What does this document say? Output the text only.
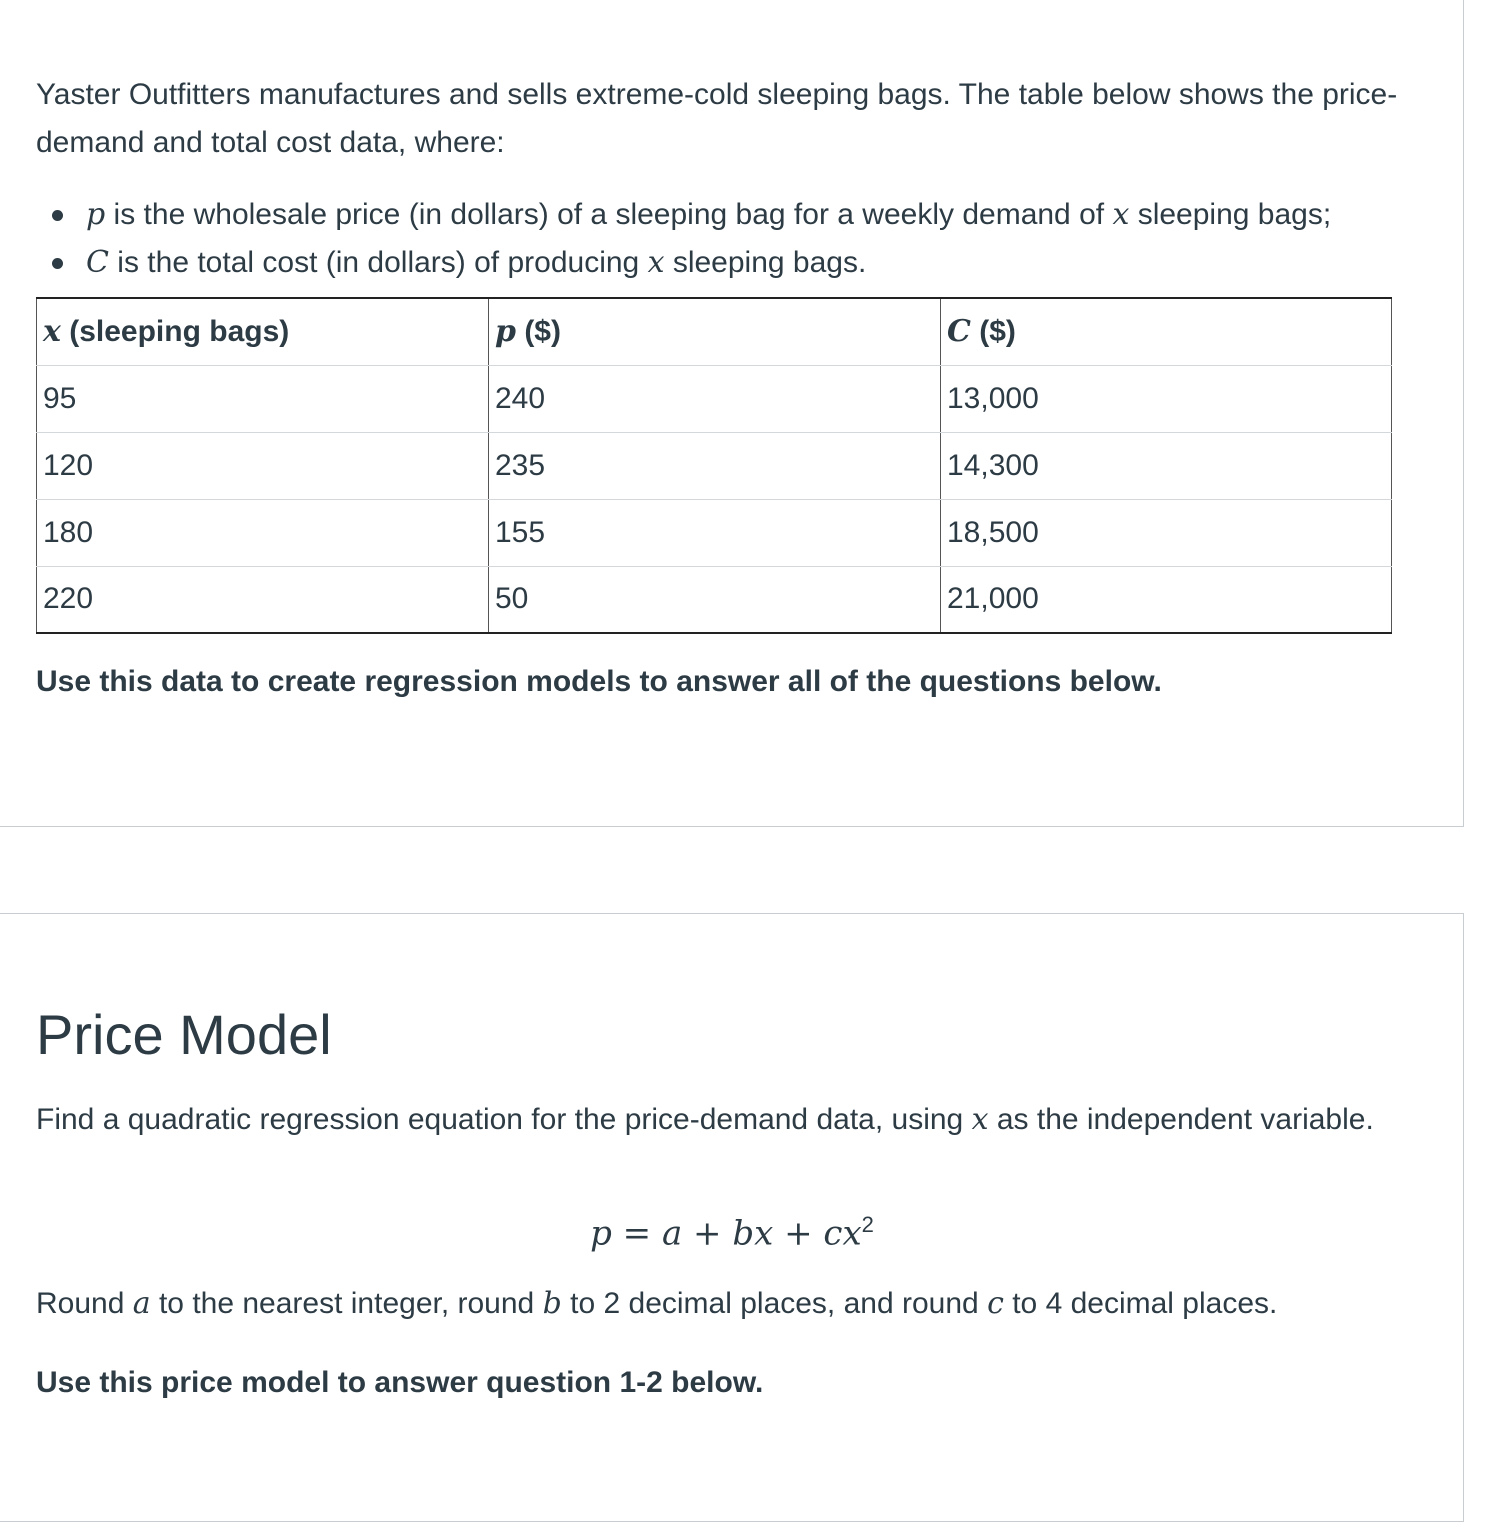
Yaster Outfitters manufactures and sells extreme-cold sleeping bags. The table below shows the price-demand and total cost data, where:

p is the wholesale price (in dollars) of a sleeping bag for a weekly demand of x sleeping bags;
C is the total cost (in dollars) of producing x sleeping bags.
x (sleeping bags)	p ($)	C ($)
95	240	13,000
120	235	14,300
180	155	18,500
220	50	21,000

Use this data to create regression models to answer all of the questions below.

Price Model

Find a quadratic regression equation for the price-demand data, using x as the independent variable.

p = a + bx + $cx^2$

Round a to the nearest integer, round b to 2 decimal places, and round c to 4 decimal places.

Use this price model to answer question 1-2 below.
